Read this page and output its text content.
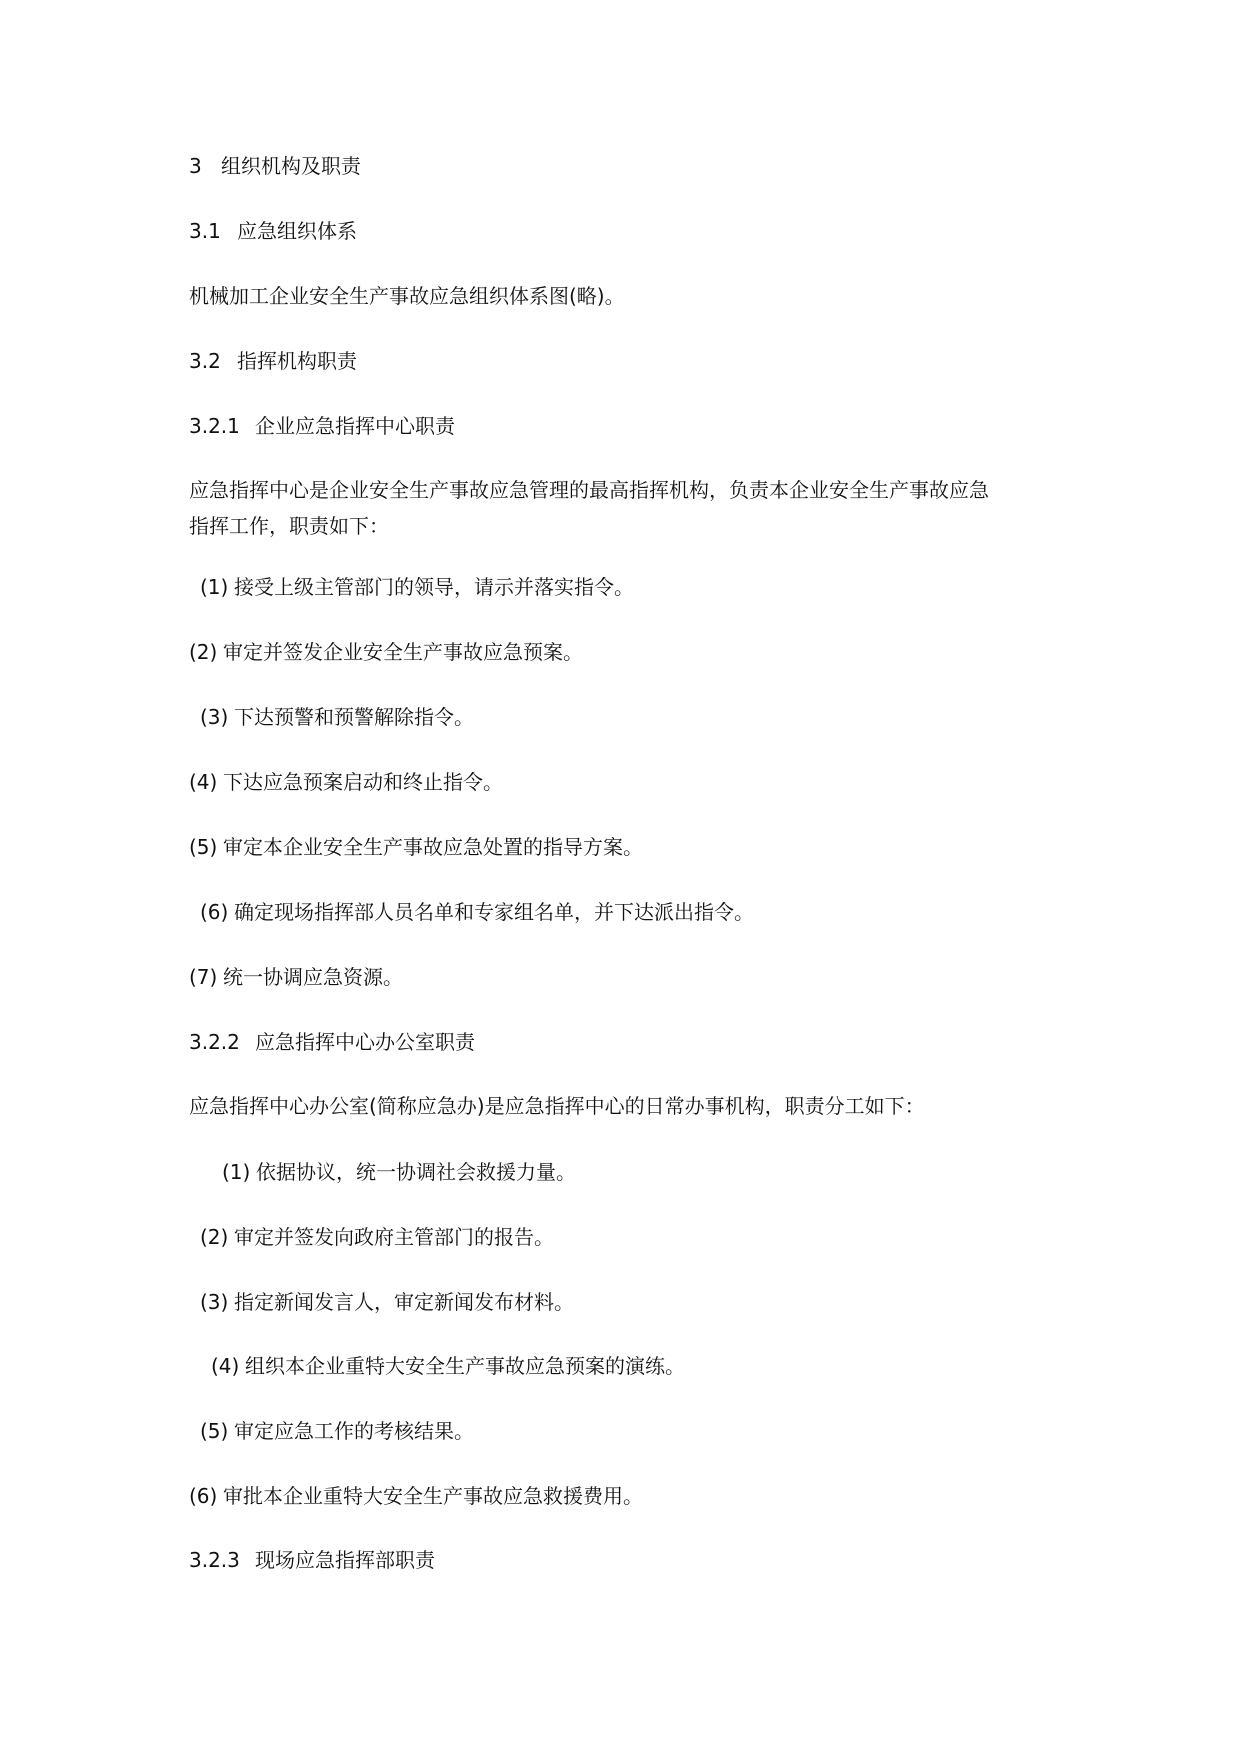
3 组织机构及职责
3.1 应急组织体系
机械加工企业安全生产事故应急组织体系图(略)。
3.2 指挥机构职责
3.2.1 企业应急指挥中心职责
应急指挥中心是企业安全生产事故应急管理的最高指挥机构，负责本企业安全生产事故应急
指挥工作，职责如下：
(1) 接受上级主管部门的领导，请示并落实指令。
(2) 审定并签发企业安全生产事故应急预案。
(3) 下达预警和预警解除指令。
(4) 下达应急预案启动和终止指令。
(5) 审定本企业安全生产事故应急处置的指导方案。
(6) 确定现场指挥部人员名单和专家组名单，并下达派出指令。
(7) 统一协调应急资源。
3.2.2 应急指挥中心办公室职责
应急指挥中心办公室(简称应急办)是应急指挥中心的日常办事机构，职责分工如下：
(1) 依据协议，统一协调社会救援力量。
(2) 审定并签发向政府主管部门的报告。
(3) 指定新闻发言人，审定新闻发布材料。
(4) 组织本企业重特大安全生产事故应急预案的演练。
(5) 审定应急工作的考核结果。
(6) 审批本企业重特大安全生产事故应急救援费用。
3.2.3 现场应急指挥部职责
